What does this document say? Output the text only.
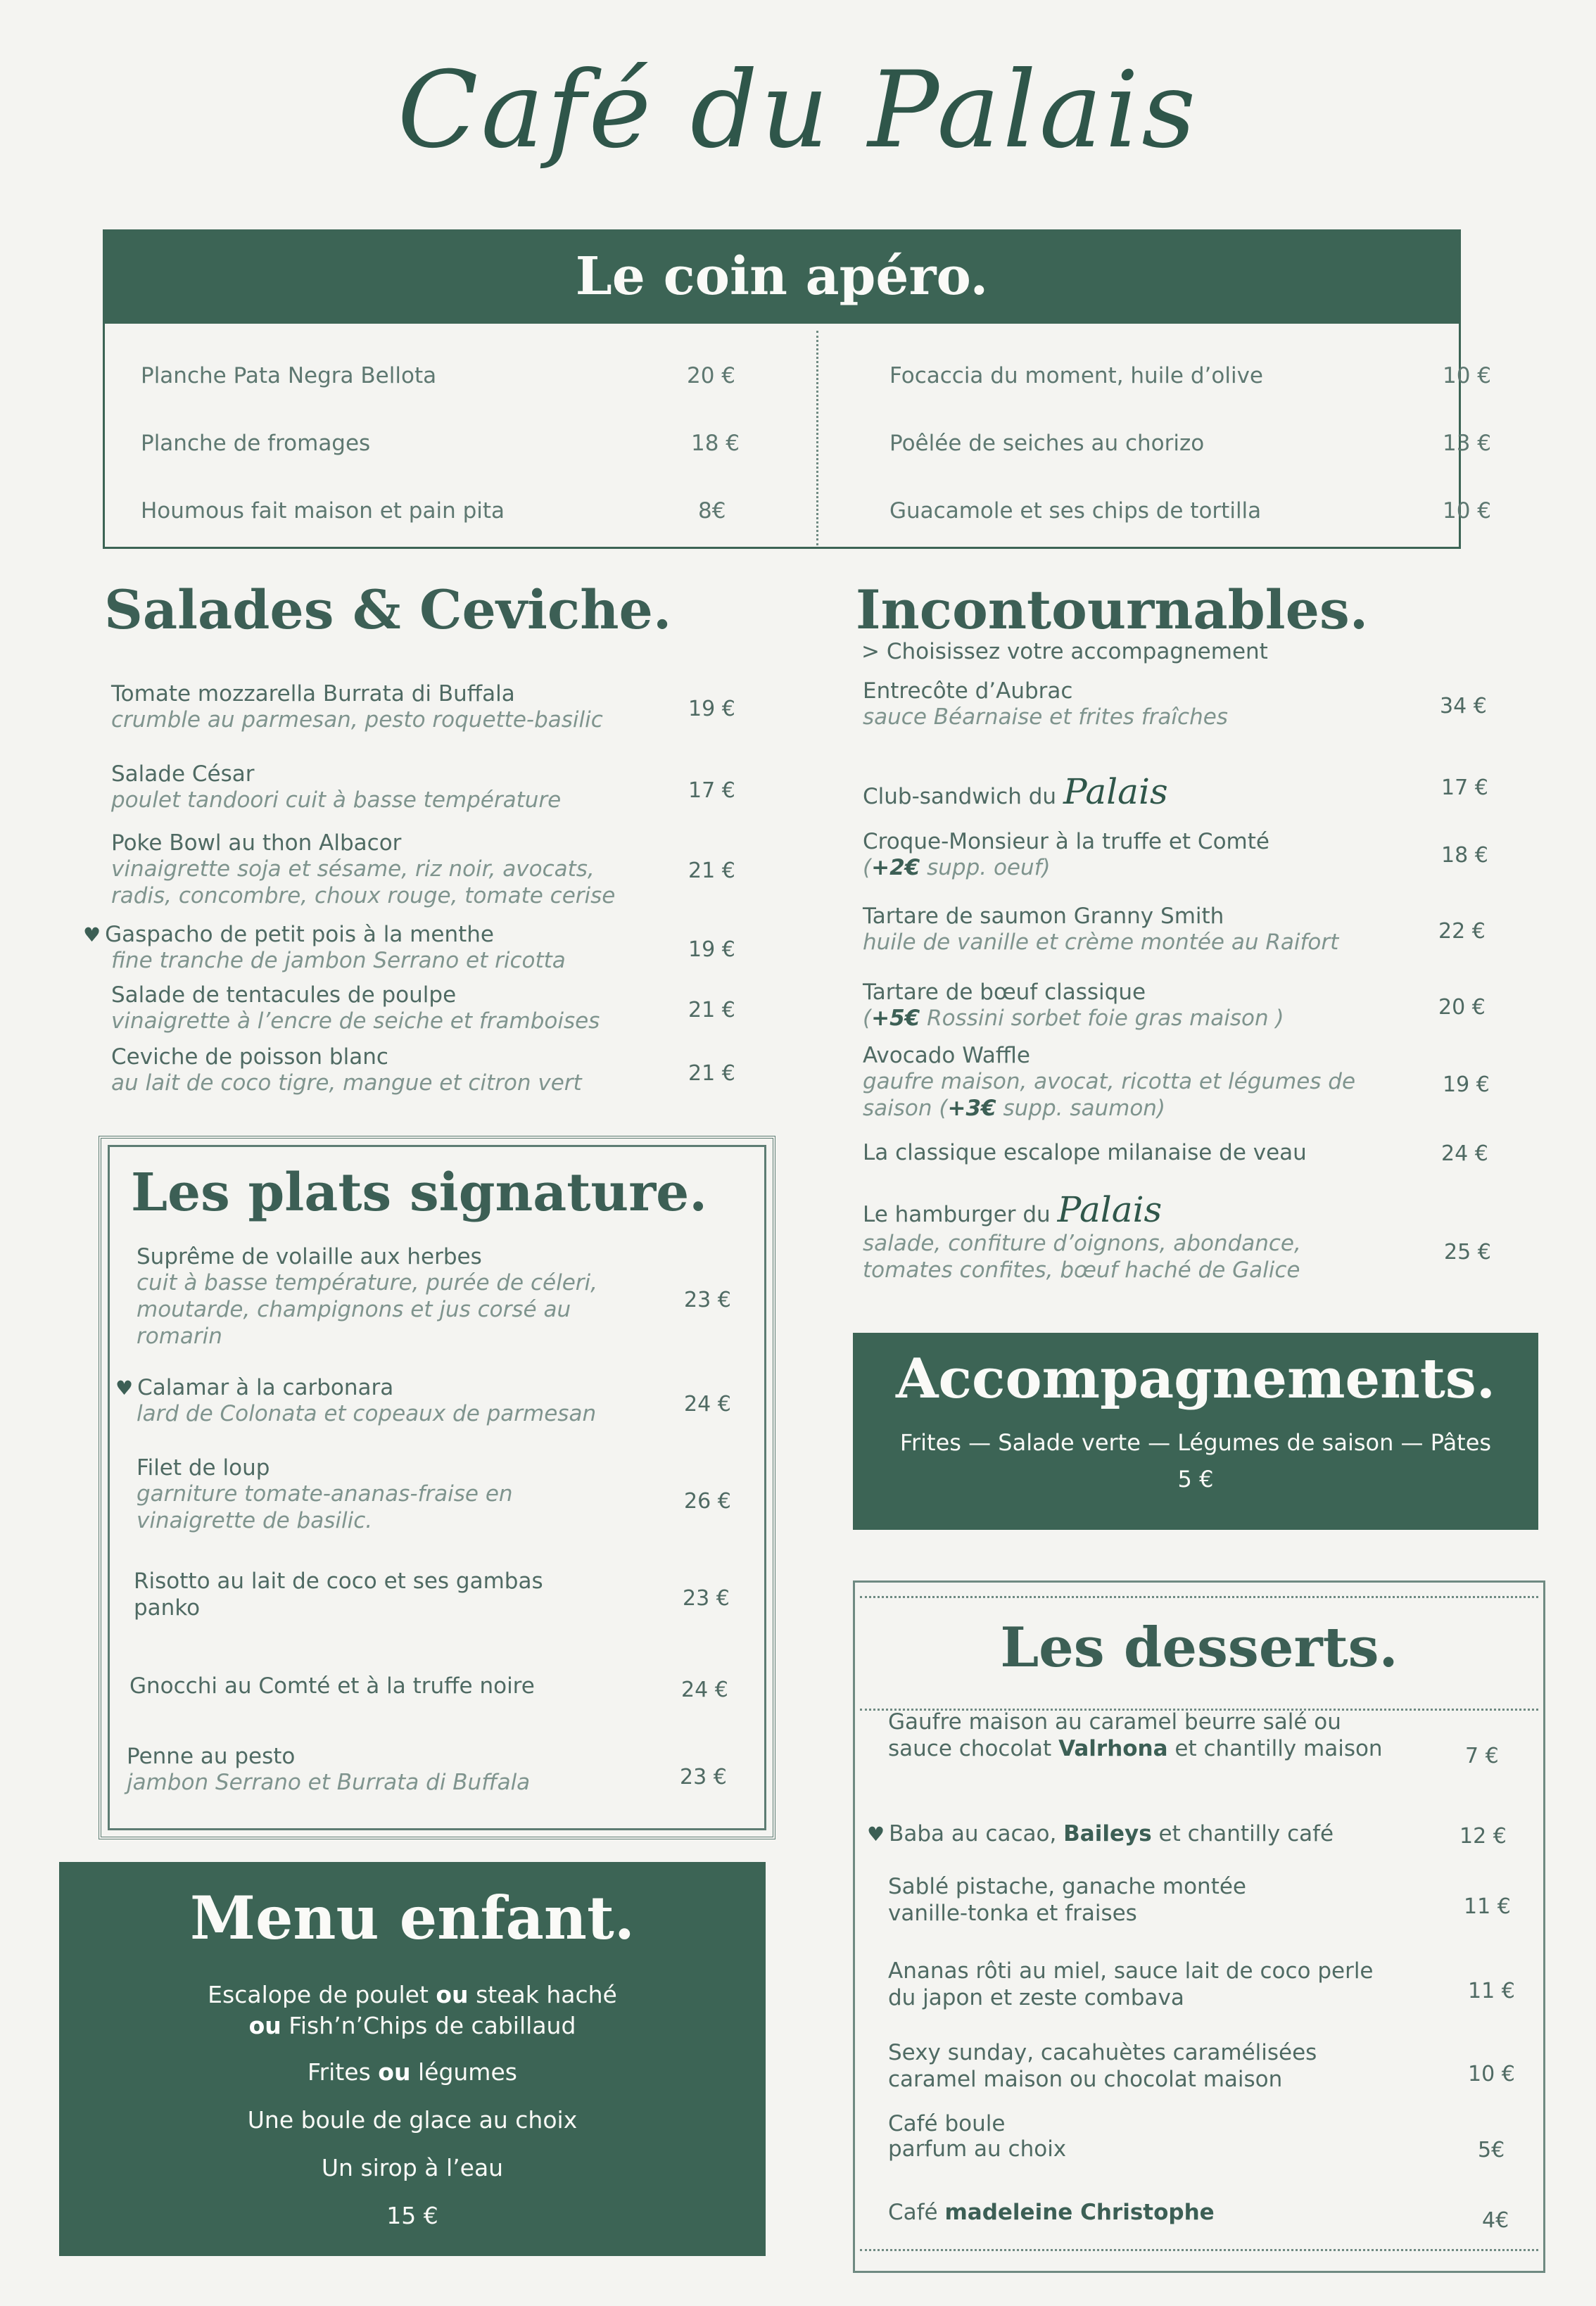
Café du Palais
Le coin apéro.
Planche Pata Negra Bellota	20 €
Planche de fromages	18 €
Houmous fait maison et pain pita	8€
Focaccia du moment, huile d’olive	10 €
Poêlée de seiches au chorizo	13 €
Guacamole et ses chips de tortilla	10 €
Salades & Ceviche.
Tomate mozzarella Burrata di Buffala
crumble au parmesan, pesto roquette-basilic	19 €
Salade César
poulet tandoori cuit à basse température	17 €
Poke Bowl au thon Albacor
vinaigrette soja et sésame, riz noir, avocats, radis, concombre, choux rouge, tomate cerise
21 €
♥ Gaspacho de petit pois à la menthe
fine tranche de jambon Serrano et ricotta	19 €
Salade de tentacules de poulpe
vinaigrette à l’encre de seiche et framboises	21 €
Ceviche de poisson blanc
au lait de coco tigre, mangue et citron vert	21 €
Les plats signature.
Suprême de volaille aux herbes
cuit à basse température, purée de céleri, moutarde, champignons et jus corsé au romarin
23 €
♥ Calamar à la carbonara
lard de Colonata et copeaux de parmesan	24 €
Filet de loup
garniture tomate-ananas-fraise en vinaigrette de basilic.
26 €
Risotto au lait de coco et ses gambas panko	23 €
Gnocchi au Comté et à la truffe noire	24 €
Penne au pesto
jambon Serrano et Burrata di Buffala	23 €
Menu enfant.

Escalope de poulet ou steak haché

ou Fish’n’Chips de cabillaud

Frites ou légumes

Une boule de glace au choix

Un sirop à l’eau

15 €

Incontournables.
> Choisissez votre accompagnement
Entrecôte d’Aubrac
sauce Béarnaise et frites fraîches	34 €
Club-sandwich du Palais	17 €
Croque-Monsieur à la truffe et Comté
(+2€ supp. oeuf)	18 €
Tartare de saumon Granny Smith
huile de vanille et crème montée au Raifort	22 €
Tartare de bœuf classique
(+5€ Rossini sorbet foie gras maison )	20 €
Avocado Waffle
gaufre maison, avocat, ricotta et légumes de saison (+3€ supp. saumon)
19 €
La classique escalope milanaise de veau	24 €
Le hamburger du Palais
salade, confiture d’oignons, abondance, tomates confites, bœuf haché de Galice
25 €
Accompagnements.

Frites — Salade verte — Légumes de saison — Pâtes

5 €

Les desserts.
Gaufre maison au caramel beurre salé ou sauce chocolat Valrhona et chantilly maison	7 €
♥ Baba au cacao, Baileys et chantilly café	12 €
Sablé pistache, ganache montée vanille-tonka et fraises	11 €
Ananas rôti au miel, sauce lait de coco perle du japon et zeste combava	11 €
Sexy sunday, cacahuètes caramélisées caramel maison ou chocolat maison	10 €
Café boule
parfum au choix	5€
Café madeleine Christophe	4€
